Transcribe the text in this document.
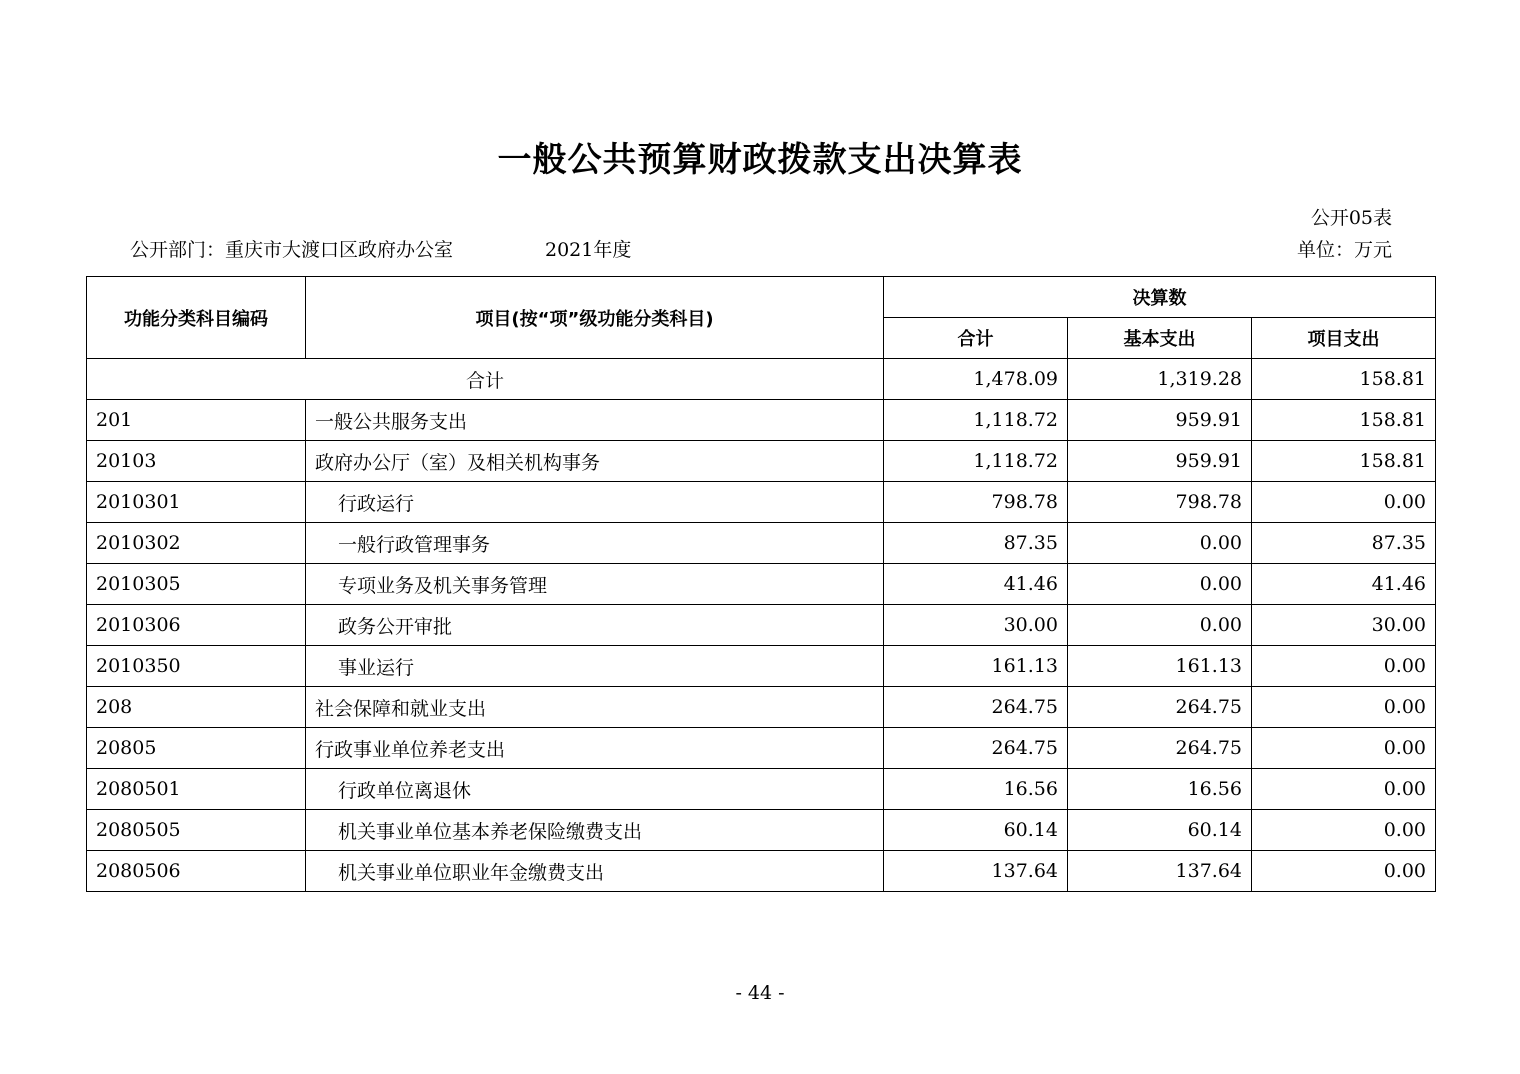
一般公共预算财政拨款支出决算表
公开05表
公开部门：重庆市大渡口区政府办公室	2021年度	单位：万元
功能分类科目编码	项目(按“项”级功能分类科目)	决算数		
		合计	基本支出	项目支出
合计		1,478.09	1,319.28	158.81
201	一般公共服务支出	1,118.72	959.91	158.81
20103	政府办公厅（室）及相关机构事务	1,118.72	959.91	158.81
2010301	行政运行	798.78	798.78	0.00
2010302	一般行政管理事务	87.35	0.00	87.35
2010305	专项业务及机关事务管理	41.46	0.00	41.46
2010306	政务公开审批	30.00	0.00	30.00
2010350	事业运行	161.13	161.13	0.00
208	社会保障和就业支出	264.75	264.75	0.00
20805	行政事业单位养老支出	264.75	264.75	0.00
2080501	行政单位离退休	16.56	16.56	0.00
2080505	机关事业单位基本养老保险缴费支出	60.14	60.14	0.00
2080506	机关事业单位职业年金缴费支出	137.64	137.64	0.00
- 44 -
